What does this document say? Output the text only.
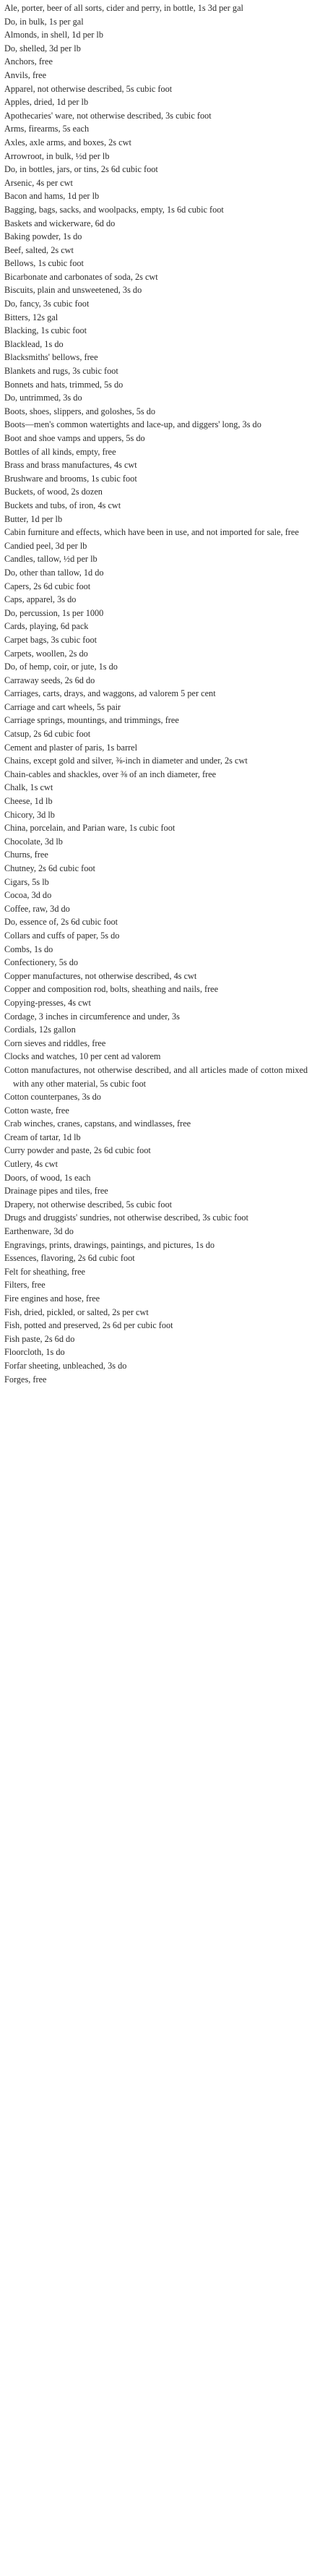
Ale, porter, beer of all sorts, cider and perry, in bottle, 1s 3d per gal

Do, in bulk, 1s per gal

Almonds, in shell, 1d per lb

Do, shelled, 3d per lb

Anchors, free

Anvils, free

Apparel, not otherwise described, 5s cubic foot

Apples, dried, 1d per lb

Apothecaries' ware, not otherwise described, 3s cubic foot

Arms, firearms, 5s each

Axles, axle arms, and boxes, 2s cwt

Arrowroot, in bulk, ½d per lb

Do, in bottles, jars, or tins, 2s 6d cubic foot

Arsenic, 4s per cwt

Bacon and hams, 1d per lb

Bagging, bags, sacks, and woolpacks, empty, 1s 6d cubic foot

Baskets and wickerware, 6d do

Baking powder, 1s do

Beef, salted, 2s cwt

Bellows, 1s cubic foot

Bicarbonate and carbonates of soda, 2s cwt

Biscuits, plain and unsweetened, 3s do

Do, fancy, 3s cubic foot

Bitters, 12s gal

Blacking, 1s cubic foot

Blacklead, 1s do

Blacksmiths' bellows, free

Blankets and rugs, 3s cubic foot

Bonnets and hats, trimmed, 5s do

Do, untrimmed, 3s do

Boots, shoes, slippers, and goloshes, 5s do

Boots—men's common watertights and lace-up, and diggers' long, 3s do

Boot and shoe vamps and uppers, 5s do

Bottles of all kinds, empty, free

Brass and brass manufactures, 4s cwt

Brushware and brooms, 1s cubic foot

Buckets, of wood, 2s dozen

Buckets and tubs, of iron, 4s cwt

Butter, 1d per lb

Cabin furniture and effects, which have been in use, and not imported for sale, free

Candied peel, 3d per lb

Candles, tallow, ½d per lb

Do, other than tallow, 1d do

Capers, 2s 6d cubic foot

Caps, apparel, 3s do

Do, percussion, 1s per 1000

Cards, playing, 6d pack

Carpet bags, 3s cubic foot

Carpets, woollen, 2s do

Do, of hemp, coir, or jute, 1s do

Carraway seeds, 2s 6d do

Carriages, carts, drays, and waggons, ad valorem 5 per cent

Carriage and cart wheels, 5s pair

Carriage springs, mountings, and trimmings, free

Catsup, 2s 6d cubic foot

Cement and plaster of paris, 1s barrel

Chains, except gold and silver, ⅜-inch in diameter and under, 2s cwt

Chain-cables and shackles, over ⅜ of an inch diameter, free

Chalk, 1s cwt

Cheese, 1d lb

Chicory, 3d lb

China, porcelain, and Parian ware, 1s cubic foot

Chocolate, 3d lb

Churns, free

Chutney, 2s 6d cubic foot

Cigars, 5s lb

Cocoa, 3d do

Coffee, raw, 3d do

Do, essence of, 2s 6d cubic foot

Collars and cuffs of paper, 5s do

Combs, 1s do

Confectionery, 5s do

Copper manufactures, not otherwise described, 4s cwt

Copper and composition rod, bolts, sheathing and nails, free

Copying-presses, 4s cwt

Cordage, 3 inches in circumference and under, 3s

Cordials, 12s gallon

Corn sieves and riddles, free

Clocks and watches, 10 per cent ad valorem

Cotton manufactures, not otherwise described, and all articles made of cotton mixed with any other material, 5s cubic foot

Cotton counterpanes, 3s do

Cotton waste, free

Crab winches, cranes, capstans, and windlasses, free

Cream of tartar, 1d lb

Curry powder and paste, 2s 6d cubic foot

Cutlery, 4s cwt

Doors, of wood, 1s each

Drainage pipes and tiles, free

Drapery, not otherwise described, 5s cubic foot

Drugs and druggists' sundries, not otherwise described, 3s cubic foot

Earthenware, 3d do

Engravings, prints, drawings, paintings, and pictures, 1s do

Essences, flavoring, 2s 6d cubic foot

Felt for sheathing, free

Filters, free

Fire engines and hose, free

Fish, dried, pickled, or salted, 2s per cwt

Fish, potted and preserved, 2s 6d per cubic foot

Fish paste, 2s 6d do

Floorcloth, 1s do

Forfar sheeting, unbleached, 3s do

Forges, free
